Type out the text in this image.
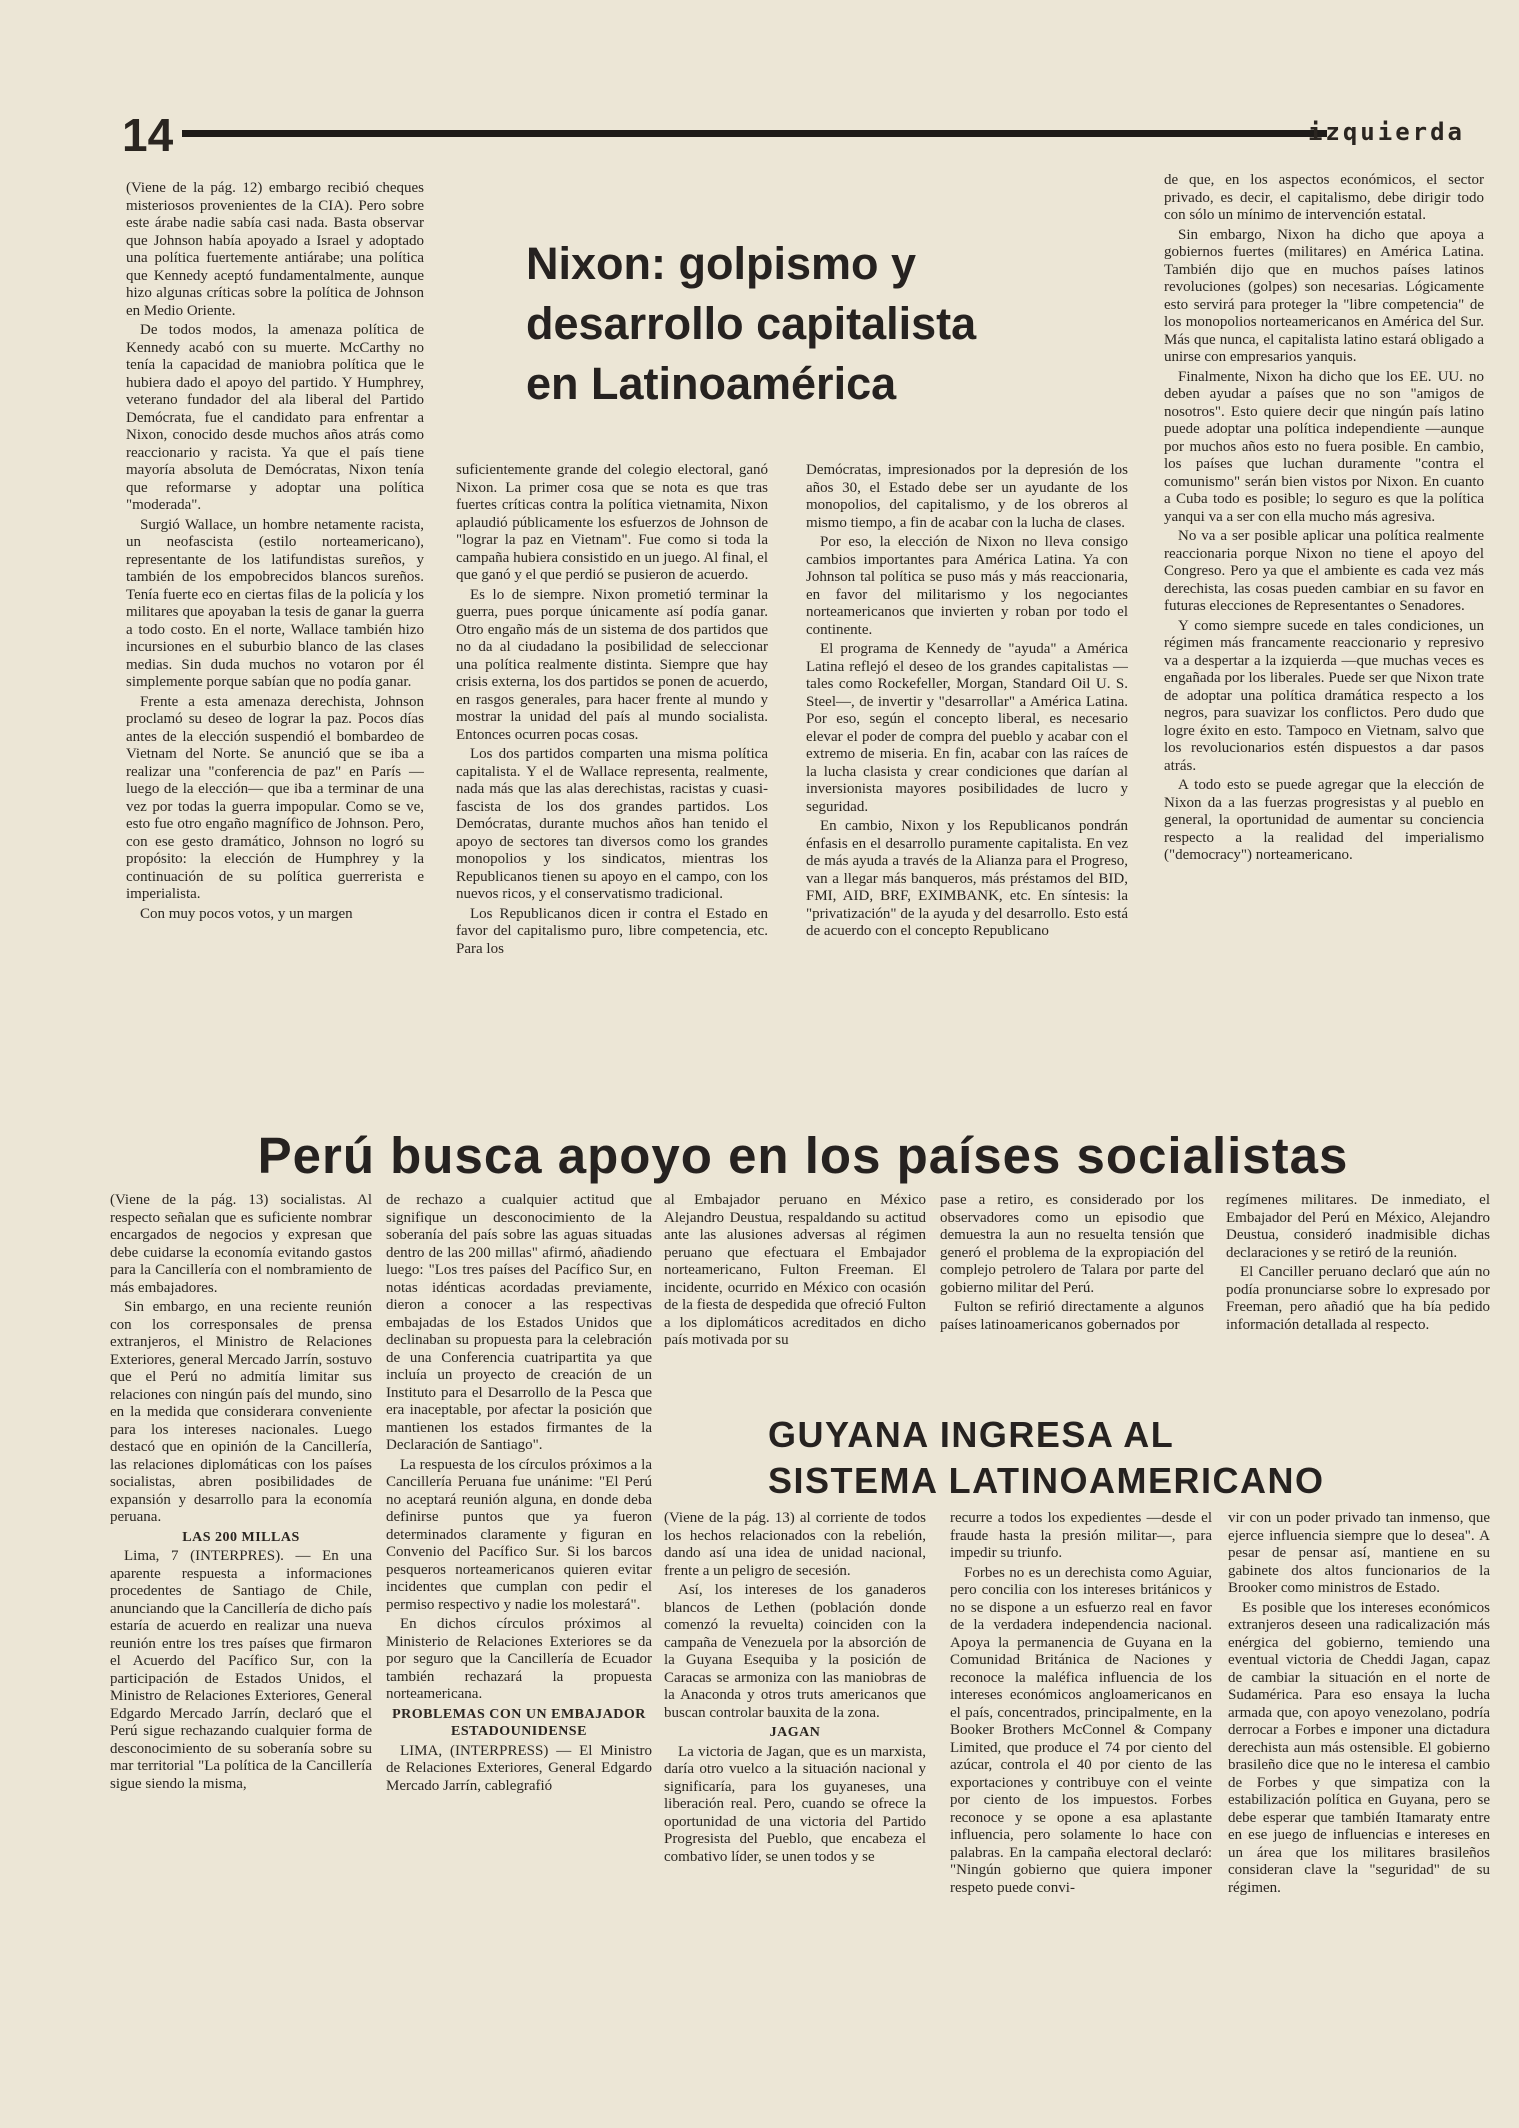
14	izquierda
Nixon: golpismo y
desarrollo capitalista
en Latinoamérica

(Viene de la pág. 12) embargo recibió cheques misteriosos provenientes de la CIA). Pero sobre este árabe nadie sabía casi nada. Basta observar que Johnson había apoyado a Israel y adoptado una política fuertemente antiárabe; una política que Kennedy aceptó fundamentalmente, aunque hizo algunas críticas sobre la política de Johnson en Medio Oriente.

De todos modos, la amenaza política de Kennedy acabó con su muerte. McCarthy no tenía la capacidad de maniobra política que le hubiera dado el apoyo del partido. Y Humphrey, veterano fundador del ala liberal del Partido Demócrata, fue el candidato para enfrentar a Nixon, conocido desde muchos años atrás como reaccionario y racista. Ya que el país tiene mayoría absoluta de Demócratas, Nixon tenía que reformarse y adoptar una política "moderada".

Surgió Wallace, un hombre netamente racista, un neofascista (estilo norteamericano), representante de los latifundistas sureños, y también de los empobrecidos blancos sureños. Tenía fuerte eco en ciertas filas de la policía y los militares que apoyaban la tesis de ganar la guerra a todo costo. En el norte, Wallace también hizo incursiones en el suburbio blanco de las clases medias. Sin duda muchos no votaron por él simplemente porque sabían que no podía ganar.

Frente a esta amenaza derechista, Johnson proclamó su deseo de lograr la paz. Pocos días antes de la elección suspendió el bombardeo de Vietnam del Norte. Se anunció que se iba a realizar una "conferencia de paz" en París —luego de la elección— que iba a terminar de una vez por todas la guerra impopular. Como se ve, esto fue otro engaño magnífico de Johnson. Pero, con ese gesto dramático, Johnson no logró su propósito: la elección de Humphrey y la continuación de su política guerrerista e imperialista.

Con muy pocos votos, y un margen

suficientemente grande del colegio electoral, ganó Nixon. La primer cosa que se nota es que tras fuertes críticas contra la política vietnamita, Nixon aplaudió públicamente los esfuerzos de Johnson de "lograr la paz en Vietnam". Fue como si toda la campaña hubiera consistido en un juego. Al final, el que ganó y el que perdió se pusieron de acuerdo.

Es lo de siempre. Nixon prometió terminar la guerra, pues porque únicamente así podía ganar. Otro engaño más de un sistema de dos partidos que no da al ciudadano la posibilidad de seleccionar una política realmente distinta. Siempre que hay crisis externa, los dos partidos se ponen de acuerdo, en rasgos generales, para hacer frente al mundo y mostrar la unidad del país al mundo socialista. Entonces ocurren pocas cosas.

Los dos partidos comparten una misma política capitalista. Y el de Wallace representa, realmente, nada más que las alas derechistas, racistas y cuasi-fascista de los dos grandes partidos. Los Demócratas, durante muchos años han tenido el apoyo de sectores tan diversos como los grandes monopolios y los sindicatos, mientras los Republicanos tienen su apoyo en el campo, con los nuevos ricos, y el conservatismo tradicional.

Los Republicanos dicen ir contra el Estado en favor del capitalismo puro, libre competencia, etc. Para los

Demócratas, impresionados por la depresión de los años 30, el Estado debe ser un ayudante de los monopolios, del capitalismo, y de los obreros al mismo tiempo, a fin de acabar con la lucha de clases.

Por eso, la elección de Nixon no lleva consigo cambios importantes para América Latina. Ya con Johnson tal política se puso más y más reaccionaria, en favor del militarismo y los negociantes norteamericanos que invierten y roban por todo el continente.

El programa de Kennedy de "ayuda" a América Latina reflejó el deseo de los grandes capitalistas —tales como Rockefeller, Morgan, Standard Oil U. S. Steel—, de invertir y "desarrollar" a América Latina. Por eso, según el concepto liberal, es necesario elevar el poder de compra del pueblo y acabar con el extremo de miseria. En fin, acabar con las raíces de la lucha clasista y crear condiciones que darían al inversionista mayores posibilidades de lucro y seguridad.

En cambio, Nixon y los Republicanos pondrán énfasis en el desarrollo puramente capitalista. En vez de más ayuda a través de la Alianza para el Progreso, van a llegar más banqueros, más préstamos del BID, FMI, AID, BRF, EXIMBANK, etc. En síntesis: la "privatización" de la ayuda y del desarrollo. Esto está de acuerdo con el concepto Republicano

de que, en los aspectos económicos, el sector privado, es decir, el capitalismo, debe dirigir todo con sólo un mínimo de intervención estatal.

Sin embargo, Nixon ha dicho que apoya a gobiernos fuertes (militares) en América Latina. También dijo que en muchos países latinos revoluciones (golpes) son necesarias. Lógicamente esto servirá para proteger la "libre competencia" de los monopolios norteamericanos en América del Sur. Más que nunca, el capitalista latino estará obligado a unirse con empresarios yanquis.

Finalmente, Nixon ha dicho que los EE. UU. no deben ayudar a países que no son "amigos de nosotros". Esto quiere decir que ningún país latino puede adoptar una política independiente —aunque por muchos años esto no fuera posible. En cambio, los países que luchan duramente "contra el comunismo" serán bien vistos por Nixon. En cuanto a Cuba todo es posible; lo seguro es que la política yanqui va a ser con ella mucho más agresiva.

No va a ser posible aplicar una política realmente reaccionaria porque Nixon no tiene el apoyo del Congreso. Pero ya que el ambiente es cada vez más derechista, las cosas pueden cambiar en su favor en futuras elecciones de Representantes o Senadores.

Y como siempre sucede en tales condiciones, un régimen más francamente reaccionario y represivo va a despertar a la izquierda —que muchas veces es engañada por los liberales. Puede ser que Nixon trate de adoptar una política dramática respecto a los negros, para suavizar los conflictos. Pero dudo que logre éxito en esto. Tampoco en Vietnam, salvo que los revolucionarios estén dispuestos a dar pasos atrás.

A todo esto se puede agregar que la elección de Nixon da a las fuerzas progresistas y al pueblo en general, la oportunidad de aumentar su conciencia respecto a la realidad del imperialismo ("democracy") norteamericano.

Perú busca apoyo en los países socialistas

(Viene de la pág. 13) socialistas. Al respecto señalan que es suficiente nombrar encargados de negocios y expresan que debe cuidarse la economía evitando gastos para la Cancillería con el nombramiento de más embajadores.

Sin embargo, en una reciente reunión con los corresponsales de prensa extranjeros, el Ministro de Relaciones Exteriores, general Mercado Jarrín, sostuvo que el Perú no admitía limitar sus relaciones con ningún país del mundo, sino en la medida que considerara conveniente para los intereses nacionales. Luego destacó que en opinión de la Cancillería, las relaciones diplomáticas con los países socialistas, abren posibilidades de expansión y desarrollo para la economía peruana.

LAS 200 MILLAS

Lima, 7 (INTERPRES). — En una aparente respuesta a informaciones procedentes de Santiago de Chile, anunciando que la Cancillería de dicho país estaría de acuerdo en realizar una nueva reunión entre los tres países que firmaron el Acuerdo del Pacífico Sur, con la participación de Estados Unidos, el Ministro de Relaciones Exteriores, General Edgardo Mercado Jarrín, declaró que el Perú sigue rechazando cualquier forma de desconocimiento de su soberanía sobre su mar territorial "La política de la Cancillería sigue siendo la misma,

de rechazo a cualquier actitud que signifique un desconocimiento de la soberanía del país sobre las aguas situadas dentro de las 200 millas" afirmó, añadiendo luego: "Los tres países del Pacífico Sur, en notas idénticas acordadas previamente, dieron a conocer a las respectivas embajadas de los Estados Unidos que declinaban su propuesta para la celebración de una Conferencia cuatripartita ya que incluía un proyecto de creación de un Instituto para el Desarrollo de la Pesca que era inaceptable, por afectar la posición que mantienen los estados firmantes de la Declaración de Santiago".

La respuesta de los círculos próximos a la Cancillería Peruana fue unánime: "El Perú no aceptará reunión alguna, en donde deba definirse puntos que ya fueron determinados claramente y figuran en Convenio del Pacífico Sur. Si los barcos pesqueros norteamericanos quieren evitar incidentes que cumplan con pedir el permiso respectivo y nadie los molestará".

En dichos círculos próximos al Ministerio de Relaciones Exteriores se da por seguro que la Cancillería de Ecuador también rechazará la propuesta norteamericana.

PROBLEMAS CON UN EMBAJADOR ESTADOUNIDENSE

LIMA, (INTERPRESS) — El Ministro de Relaciones Exteriores, General Edgardo Mercado Jarrín, cablegrafió

al Embajador peruano en México Alejandro Deustua, respaldando su actitud ante las alusiones adversas al régimen peruano que efectuara el Embajador norteamericano, Fulton Freeman. El incidente, ocurrido en México con ocasión de la fiesta de despedida que ofreció Fulton a los diplomáticos acreditados en dicho país motivada por su

pase a retiro, es considerado por los observadores como un episodio que demuestra la aun no resuelta tensión que generó el problema de la expropiación del complejo petrolero de Talara por parte del gobierno militar del Perú.

Fulton se refirió directamente a algunos países latinoamericanos gobernados por

regímenes militares. De inmediato, el Embajador del Perú en México, Alejandro Deustua, consideró inadmisible dichas declaraciones y se retiró de la reunión.

El Canciller peruano declaró que aún no podía pronunciarse sobre lo expresado por Freeman, pero añadió que ha bía pedido información detallada al respecto.

GUYANA INGRESA AL
SISTEMA LATINOAMERICANO

(Viene de la pág. 13) al corriente de todos los hechos relacionados con la rebelión, dando así una idea de unidad nacional, frente a un peligro de secesión.

Así, los intereses de los ganaderos blancos de Lethen (población donde comenzó la revuelta) coinciden con la campaña de Venezuela por la absorción de la Guyana Esequiba y la posición de Caracas se armoniza con las maniobras de la Anaconda y otros truts americanos que buscan controlar bauxita de la zona.

JAGAN

La victoria de Jagan, que es un marxista, daría otro vuelco a la situación nacional y significaría, para los guyaneses, una liberación real. Pero, cuando se ofrece la oportunidad de una victoria del Partido Progresista del Pueblo, que encabeza el combativo líder, se unen todos y se

recurre a todos los expedientes —desde el fraude hasta la presión militar—, para impedir su triunfo.

Forbes no es un derechista como Aguiar, pero concilia con los intereses británicos y no se dispone a un esfuerzo real en favor de la verdadera independencia nacional. Apoya la permanencia de Guyana en la Comunidad Británica de Naciones y reconoce la maléfica influencia de los intereses económicos angloamericanos en el país, concentrados, principalmente, en la Booker Brothers McConnel & Company Limited, que produce el 74 por ciento del azúcar, controla el 40 por ciento de las exportaciones y contribuye con el veinte por ciento de los impuestos. Forbes reconoce y se opone a esa aplastante influencia, pero solamente lo hace con palabras. En la campaña electoral declaró: "Ningún gobierno que quiera imponer respeto puede convi-

vir con un poder privado tan inmenso, que ejerce influencia siempre que lo desea". A pesar de pensar así, mantiene en su gabinete dos altos funcionarios de la Brooker como ministros de Estado.

Es posible que los intereses económicos extranjeros deseen una radicalización más enérgica del gobierno, temiendo una eventual victoria de Cheddi Jagan, capaz de cambiar la situación en el norte de Sudamérica. Para eso ensaya la lucha armada que, con apoyo venezolano, podría derrocar a Forbes e imponer una dictadura derechista aun más ostensible. El gobierno brasileño dice que no le interesa el cambio de Forbes y que simpatiza con la estabilización política en Guyana, pero se debe esperar que también Itamaraty entre en ese juego de influencias e intereses en un área que los militares brasileños consideran clave la "seguridad" de su régimen.
